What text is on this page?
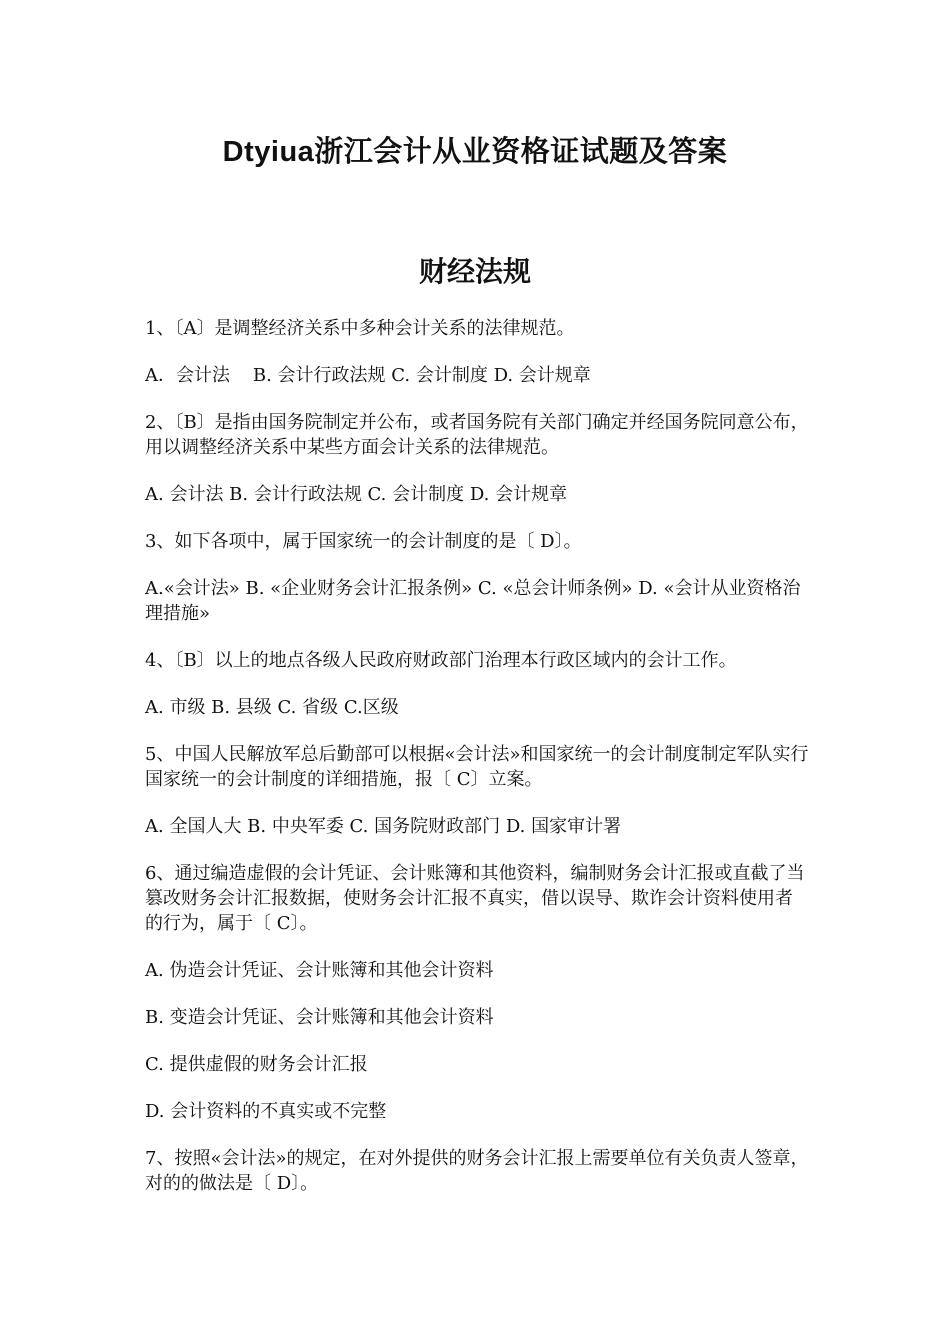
Dtyiua浙江会计从业资格证试题及答案
财经法规

1、〔A〕是调整经济关系中多种会计关系的法律规范。

A．会计法    B. 会计行政法规 C. 会计制度 D. 会计规章

2、〔B〕是指由国务院制定并公布，或者国务院有关部门确定并经国务院同意公布，用以调整经济关系中某些方面会计关系的法律规范。

A. 会计法 B. 会计行政法规 C. 会计制度 D. 会计规章

3、如下各项中，属于国家统一的会计制度的是〔 D〕。

A.«会计法» B. «企业财务会计汇报条例» C. «总会计师条例» D. «会计从业资格治理措施»

4、〔B〕以上的地点各级人民政府财政部门治理本行政区域内的会计工作。

A. 市级 B. 县级 C. 省级 C.区级

5、中国人民解放军总后勤部可以根据«会计法»和国家统一的会计制度制定军队实行国家统一的会计制度的详细措施，报〔 C〕立案。

A. 全国人大 B. 中央军委 C. 国务院财政部门 D. 国家审计署

6、通过编造虚假的会计凭证、会计账簿和其他资料，编制财务会计汇报或直截了当篡改财务会计汇报数据，使财务会计汇报不真实，借以误导、欺诈会计资料使用者的行为，属于〔 C〕。

A. 伪造会计凭证、会计账簿和其他会计资料

B. 变造会计凭证、会计账簿和其他会计资料

C. 提供虚假的财务会计汇报

D. 会计资料的不真实或不完整

7、按照«会计法»的规定，在对外提供的财务会计汇报上需要单位有关负责人签章，对的的做法是〔 D〕。
